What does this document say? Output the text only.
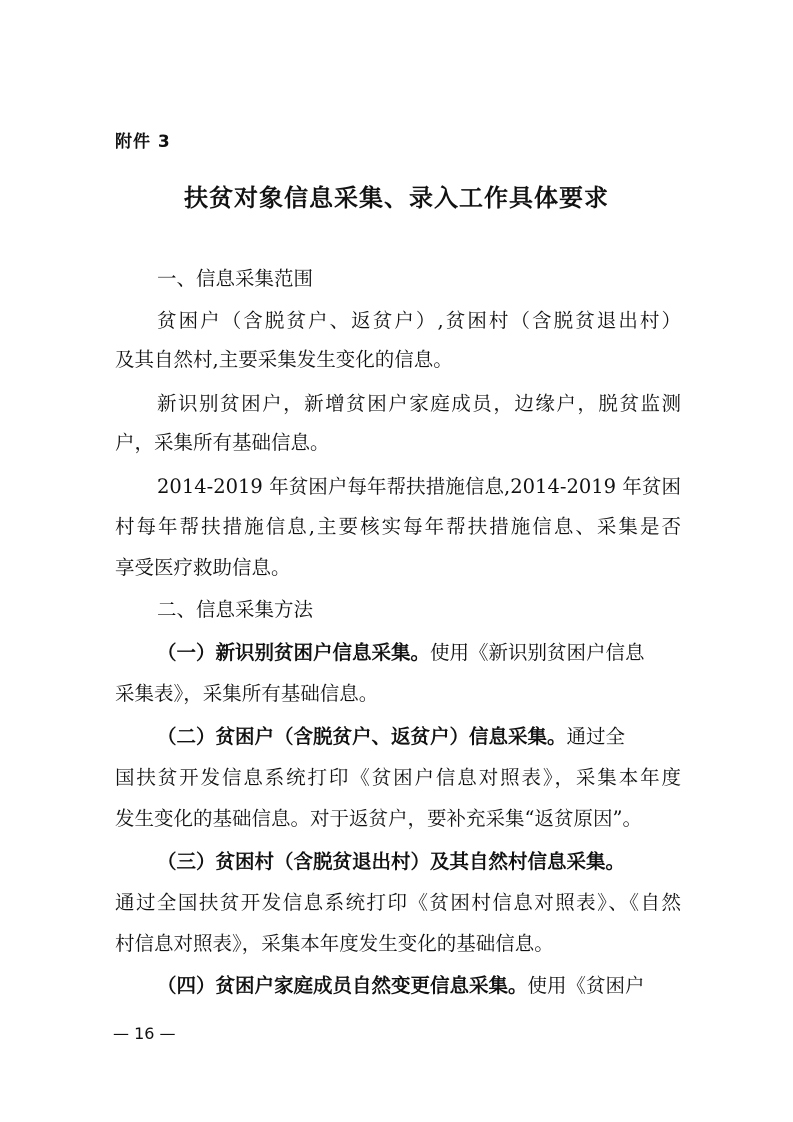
附件 3
扶贫对象信息采集、录入工作具体要求
一、信息采集范围
贫困户（含脱贫户、返贫户）,贫困村（含脱贫退出村）
及其自然村,主要采集发生变化的信息。
新识别贫困户，新增贫困户家庭成员，边缘户，脱贫监测
户，采集所有基础信息。
2014-2019 年贫困户每年帮扶措施信息,2014-2019 年贫困
村每年帮扶措施信息,主要核实每年帮扶措施信息、采集是否
享受医疗救助信息。
二、信息采集方法
（一）新识别贫困户信息采集。使用《新识别贫困户信息
采集表》，采集所有基础信息。
（二）贫困户（含脱贫户、返贫户）信息采集。通过全
国扶贫开发信息系统打印《贫困户信息对照表》，采集本年度
发生变化的基础信息。对于返贫户，要补充采集“返贫原因”。
（三）贫困村（含脱贫退出村）及其自然村信息采集。
通过全国扶贫开发信息系统打印《贫困村信息对照表》、《自然
村信息对照表》，采集本年度发生变化的基础信息。
（四）贫困户家庭成员自然变更信息采集。使用《贫困户
— 16 —
